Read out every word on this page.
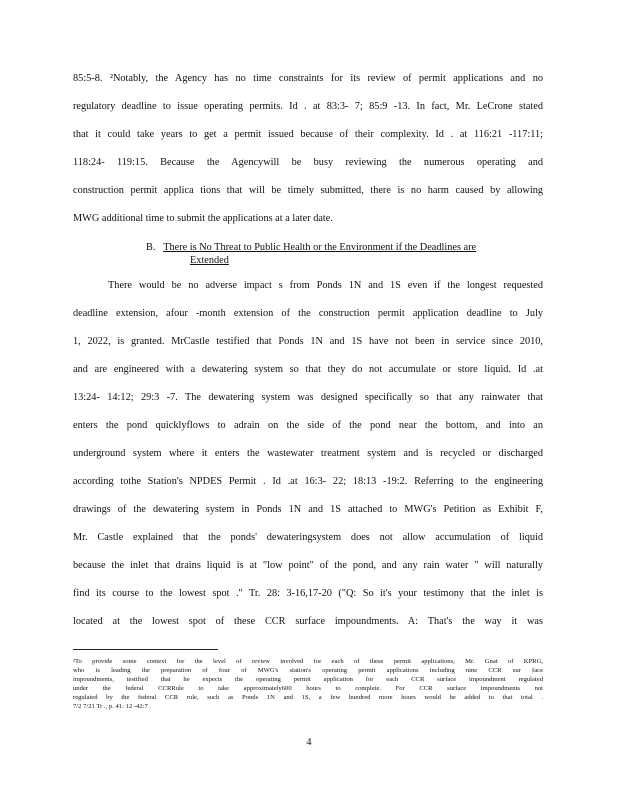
85:5-8. ²Notably, the Agency has no time constraints for its review of permit applications and no
regulatory deadline to issue operating permits. Id . at 83:3- 7; 85:9 -13. In fact, Mr. LeCrone stated
that it could take years to get a permit issued because of their complexity. Id . at 116:21 -117:11;
118:24- 119:15. Because the Agencywill be busy reviewing the numerous operating and
construction permit applica tions that will be timely submitted, there is no harm caused by allowing
MWG additional time to submit the applications at a later date.
B. There is No Threat to Public Health or the Environment if the Deadlines are
Extended
There would be no adverse impact s from Ponds 1N and 1S even if the longest requested
deadline extension, afour -month extension of the construction permit application deadline to July
1, 2022, is granted. MrCastle testified that Ponds 1N and 1S have not been in service since 2010,
and are engineered with a dewatering system so that they do not accumulate or store liquid. Id .at
13:24- 14:12; 29:3 -7. The dewatering system was designed specifically so that any rainwater that
enters the pond quicklyflows to adrain on the side of the pond near the bottom, and into an
underground system where it enters the wastewater treatment system and is recycled or discharged
according tothe Station's NPDES Permit . Id .at 16:3- 22; 18:13 -19:2. Referring to the engineering
drawings of the dewatering system in Ponds 1N and 1S attached to MWG's Petition as Exhibit F,
Mr. Castle explained that the ponds' dewateringsystem does not allow accumulation of liquid
because the inlet that drains liquid is at "low point" of the pond, and any rain water " will naturally
find its course to the lowest spot ." Tr. 28: 3-16,17-20 ("Q: So it's your testimony that the inlet is
located at the lowest spot of these CCR surface impoundments. A: That's the way it was
²To provide some context for the level of review involved for each of these permit applications, Mr. Gnat of KPRG,
who is leading the preparation of four of MWG's station's operating permit applications including nine CCR sur face
impoundments, testified that he expects the operating permit application for each CCR surface impoundment regulated
under the federal CCRRule to take approximately600 hours to complete. For CCR surface impoundments not
regulated by the federal CCR rule, such as Ponds 1N and 1S, a few hundred more hours would be added to that total .
7/2 7/21 Tr ., p. 41: 12 -42:7 .
4
